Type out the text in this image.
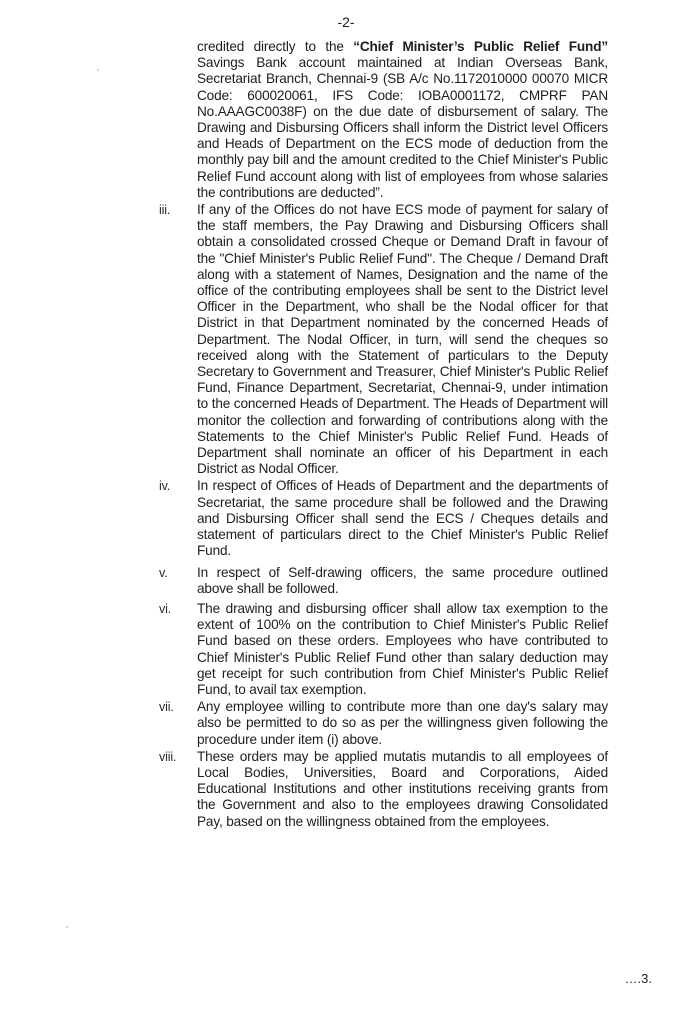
-2-

credited directly to the “Chief Minister’s Public Relief Fund” Savings Bank account maintained at Indian Overseas Bank, Secretariat Branch, Chennai-9 (SB A/c No.1172010000 00070 MICR Code: 600020061, IFS Code: IOBA0001172, CMPRF PAN No.AAAGC0038F) on the due date of disbursement of salary. The Drawing and Disbursing Officers shall inform the District level Officers and Heads of Department on the ECS mode of deduction from the monthly pay bill and the amount credited to the Chief Minister's Public Relief Fund account along with list of employees from whose salaries the contributions are deducted”.

iii. If any of the Offices do not have ECS mode of payment for salary of the staff members, the Pay Drawing and Disbursing Officers shall obtain a consolidated crossed Cheque or Demand Draft in favour of the "Chief Minister's Public Relief Fund". The Cheque / Demand Draft along with a statement of Names, Designation and the name of the office of the contributing employees shall be sent to the District level Officer in the Department, who shall be the Nodal officer for that District in that Department nominated by the concerned Heads of Department. The Nodal Officer, in turn, will send the cheques so received along with the Statement of particulars to the Deputy Secretary to Government and Treasurer, Chief Minister's Public Relief Fund, Finance Department, Secretariat, Chennai-9, under intimation to the concerned Heads of Department. The Heads of Department will monitor the collection and forwarding of contributions along with the Statements to the Chief Minister's Public Relief Fund. Heads of Department shall nominate an officer of his Department in each District as Nodal Officer.

iv. In respect of Offices of Heads of Department and the departments of Secretariat, the same procedure shall be followed and the Drawing and Disbursing Officer shall send the ECS / Cheques details and statement of particulars direct to the Chief Minister's Public Relief Fund.

v. In respect of Self-drawing officers, the same procedure outlined above shall be followed.

vi. The drawing and disbursing officer shall allow tax exemption to the extent of 100% on the contribution to Chief Minister's Public Relief Fund based on these orders. Employees who have contributed to Chief Minister's Public Relief Fund other than salary deduction may get receipt for such contribution from Chief Minister's Public Relief Fund, to avail tax exemption.

vii. Any employee willing to contribute more than one day's salary may also be permitted to do so as per the willingness given following the procedure under item (i) above.

viii. These orders may be applied mutatis mutandis to all employees of Local Bodies, Universities, Board and Corporations, Aided Educational Institutions and other institutions receiving grants from the Government and also to the employees drawing Consolidated Pay, based on the willingness obtained from the employees.

….3.
